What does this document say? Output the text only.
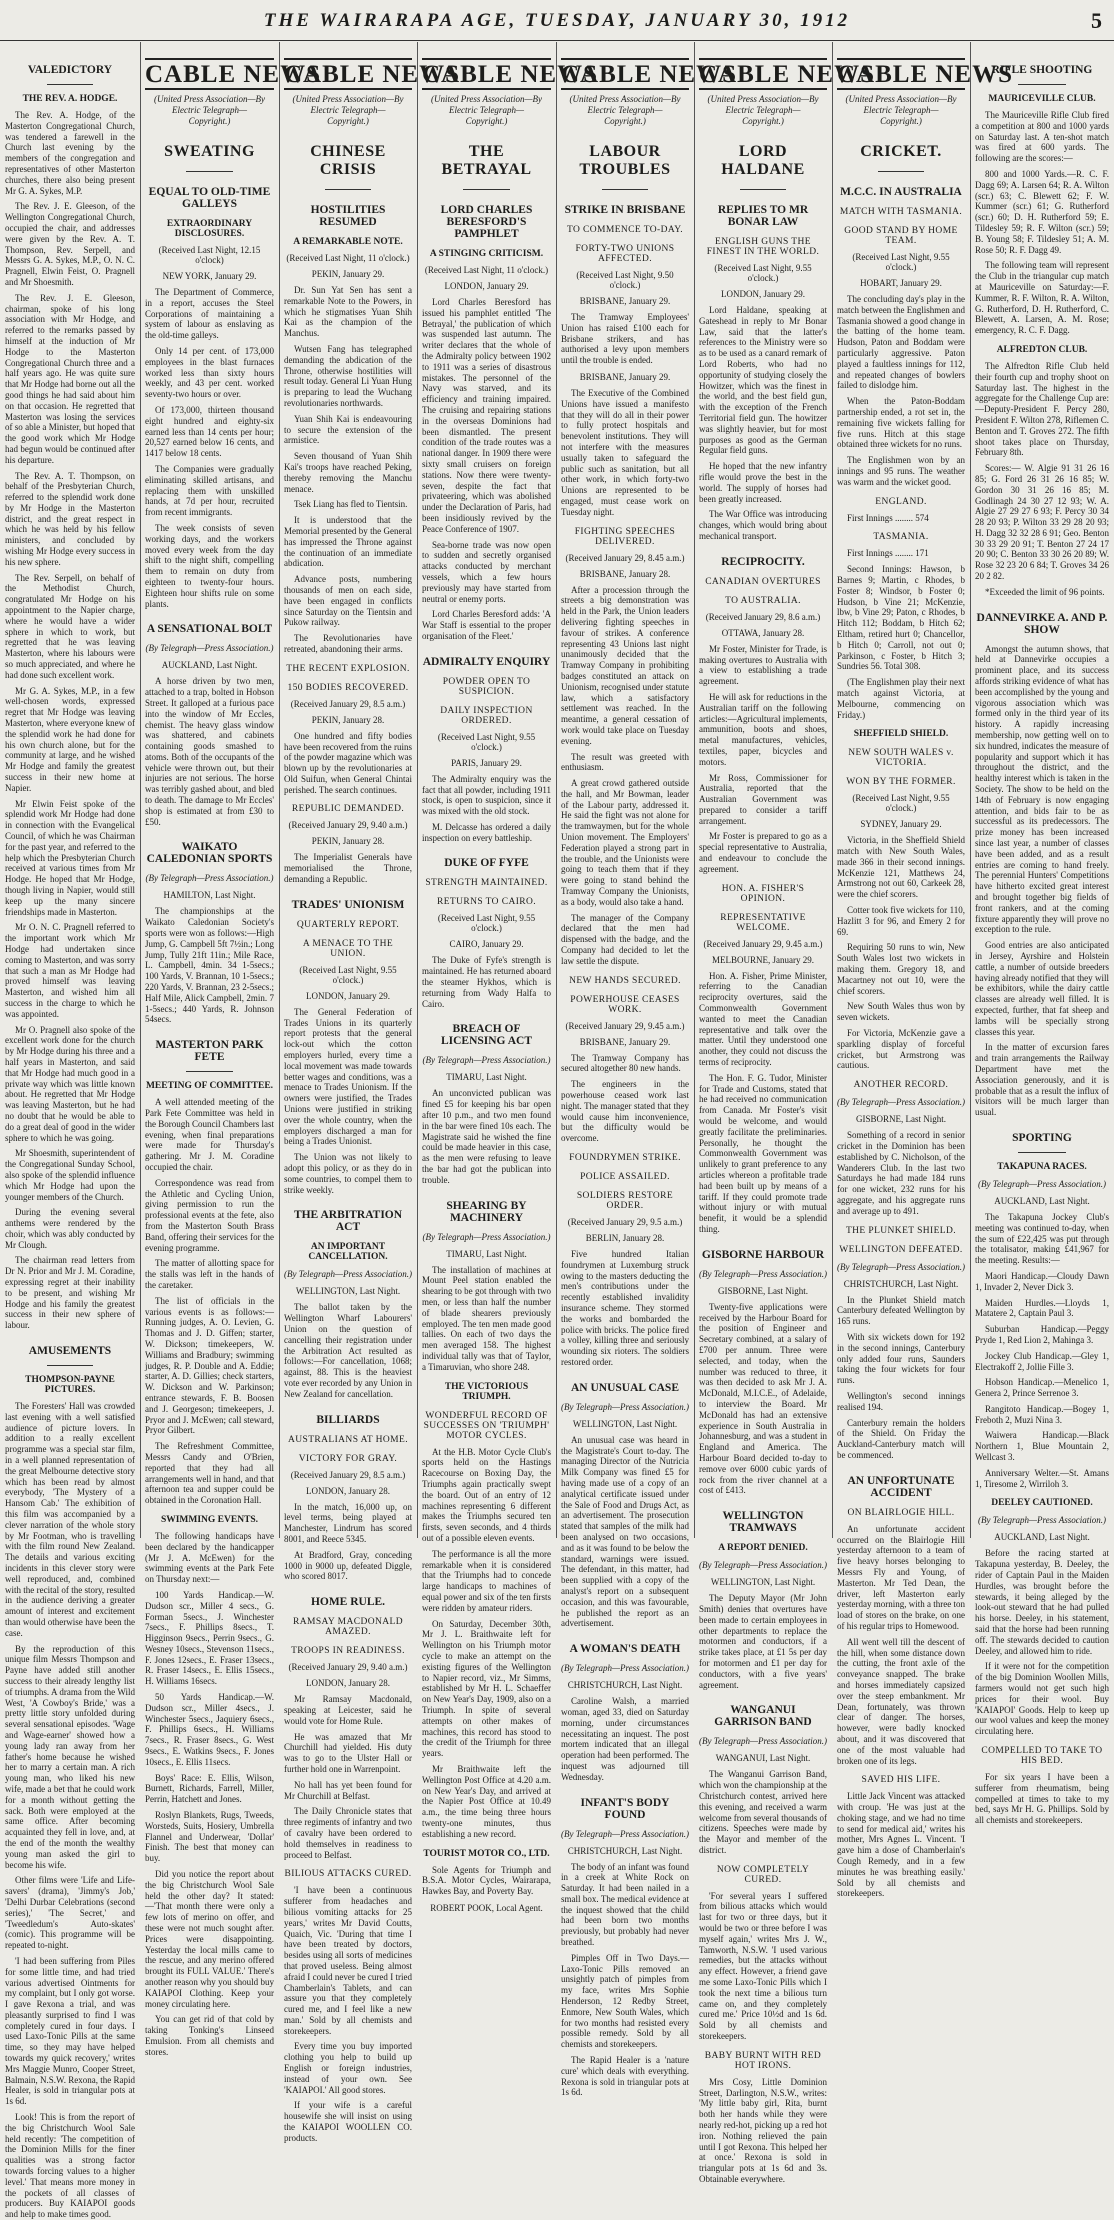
THE WAIRARAPA AGE, TUESDAY, JANUARY 30, 1912	5
VALEDICTORY
THE REV. A. HODGE.

The Rev. A. Hodge, of the Masterton Congregational Church, was tendered a farewell in the Church last evening by the members of the congregation and representatives of other Masterton churches, there also being present Mr G. A. Sykes, M.P.

The Rev. J. E. Gleeson, of the Wellington Congregational Church, occupied the chair, and addresses were given by the Rev. A. T. Thompson, Rev. Serpell, and Messrs G. A. Sykes, M.P., O. N. C. Pragnell, Elwin Feist, O. Pragnell and Mr Shoesmith.

The Rev. J. E. Gleeson, chairman, spoke of his long association with Mr Hodge, and referred to the remarks passed by himself at the induction of Mr Hodge to the Masterton Congregational Church three and a half years ago. He was quite sure that Mr Hodge had borne out all the good things he had said about him on that occasion. He regretted that Masterton was losing the services of so able a Minister, but hoped that the good work which Mr Hodge had begun would be continued after his departure.

The Rev. A. T. Thompson, on behalf of the Presbyterian Church, referred to the splendid work done by Mr Hodge in the Masterton district, and the great respect in which he was held by his fellow ministers, and concluded by wishing Mr Hodge every success in his new sphere.

The Rev. Serpell, on behalf of the Methodist Church, congratulated Mr Hodge on his appointment to the Napier charge, where he would have a wider sphere in which to work, but regretted that he was leaving Masterton, where his labours were so much appreciated, and where he had done such excellent work.

Mr G. A. Sykes, M.P., in a few well-chosen words, expressed regret that Mr Hodge was leaving Masterton, where everyone knew of the splendid work he had done for his own church alone, but for the community at large, and he wished Mr Hodge and family the greatest success in their new home at Napier.

Mr Elwin Feist spoke of the splendid work Mr Hodge had done in connection with the Evangelical Council, of which he was Chairman for the past year, and referred to the help which the Presbyterian Church received at various times from Mr Hodge. He hoped that Mr Hodge, though living in Napier, would still keep up the many sincere friendships made in Masterton.

Mr O. N. C. Pragnell referred to the important work which Mr Hodge had undertaken since coming to Masterton, and was sorry that such a man as Mr Hodge had proved himself was leaving Masterton, and wished him all success in the charge to which he was appointed.

Mr O. Pragnell also spoke of the excellent work done for the church by Mr Hodge during his three and a half years in Masterton, and said that Mr Hodge had much good in a private way which was little known about. He regretted that Mr Hodge was leaving Masterton, but he had no doubt that he would be able to do a great deal of good in the wider sphere to which he was going.

Mr Shoesmith, superintendent of the Congregational Sunday School, also spoke of the splendid influence which Mr Hodge had upon the younger members of the Church.

During the evening several anthems were rendered by the choir, which was ably conducted by Mr Clough.

The chairman read letters from Dr N. Prior and Mr J. M. Coradine, expressing regret at their inability to be present, and wishing Mr Hodge and his family the greatest success in their new sphere of labour.

AMUSEMENTS
THOMPSON-PAYNE PICTURES.

The Foresters' Hall was crowded last evening with a well satisfied audience of picture lovers. In addition to a really excellent programme was a special star film, in a well planned representation of the great Melbourne detective story which has been read by almost everybody, 'The Mystery of a Hansom Cab.' The exhibition of this film was accompanied by a clever narration of the whole story by Mr Footman, who is travelling with the film round New Zealand. The details and various exciting incidents in this clever story were well reproduced, and, combined with the recital of the story, resulted in the audience deriving a greater amount of interest and excitement than would otherwise have been the case.

By the reproduction of this unique film Messrs Thompson and Payne have added still another success to their already lengthy list of triumphs. A drama from the Wild West, 'A Cowboy's Bride,' was a pretty little story unfolded during several sensational episodes. 'Wage and Wage-earner' showed how a young lady ran away from her father's home because he wished her to marry a certain man. A rich young man, who liked his new wife, made a bet that he could work for a month without getting the sack. Both were employed at the same office. After becoming acquainted they fell in love, and, at the end of the month the wealthy young man asked the girl to become his wife.

Other films were 'Life and Life-savers' (drama), 'Jimmy's Job,' 'Delhi Durbar Celebrations (second series),' 'The Secret,' and 'Tweedledum's Auto-skates' (comic). This programme will be repeated to-night.

'I had been suffering from Piles for some little time, and had tried various advertised Ointments for my complaint, but I only got worse. I gave Rexona a trial, and was pleasantly surprised to find I was completely cured in four days. I used Laxo-Tonic Pills at the same time, so they may have helped towards my quick recovery,' writes Mrs Maggie Munro, Cooper Street, Balmain, N.S.W. Rexona, the Rapid Healer, is sold in triangular pots at 1s 6d.

Look! This is from the report of the big Christchurch Wool Sale held recently: 'The competition of the Dominion Mills for the finer qualities was a strong factor towards forcing values to a higher level.' That means more money in the pockets of all classes of producers. Buy KAIAPOI goods and help to make times good.

CABLE NEWS
(United Press Association—By Electric Telegraph—Copyright.)
SWEATING
EQUAL TO OLD-TIME GALLEYS
EXTRAORDINARY DISCLOSURES.
(Received Last Night, 12.15 o'clock)
NEW YORK, January 29.

The Department of Commerce, in a report, accuses the Steel Corporations of maintaining a system of labour as enslaving as the old-time galleys.

Only 14 per cent. of 173,000 employees in the blast furnaces worked less than sixty hours weekly, and 43 per cent. worked seventy-two hours or over.

Of 173,000, thirteen thousand eight hundred and eighty-six earned less than 14 cents per hour; 20,527 earned below 16 cents, and 1417 below 18 cents.

The Companies were gradually eliminating skilled artisans, and replacing them with unskilled hands, at 7d per hour, recruited from recent immigrants.

The week consists of seven working days, and the workers moved every week from the day shift to the night shift, compelling them to remain on duty from eighteen to twenty-four hours. Eighteen hour shifts rule on some plants.

A SENSATIONAL BOLT
(By Telegraph—Press Association.)
AUCKLAND, Last Night.

A horse driven by two men, attached to a trap, bolted in Hobson Street. It galloped at a furious pace into the window of Mr Eccles, chemist. The heavy glass window was shattered, and cabinets containing goods smashed to atoms. Both of the occupants of the vehicle were thrown out, but their injuries are not serious. The horse was terribly gashed about, and bled to death. The damage to Mr Eccles' shop is estimated at from £30 to £50.

WAIKATO CALEDONIAN SPORTS
(By Telegraph—Press Association.)
HAMILTON, Last Night.

The championships at the Waikato Caledonian Society's sports were won as follows:—High Jump, G. Campbell 5ft 7½in.; Long Jump, Tully 21ft 11in.; Mile Race, L. Campbell, 4min. 34 1-5secs.; 100 Yards, V. Brannan, 10 1-5secs.; 220 Yards, V. Brannan, 23 2-5secs.; Half Mile, Alick Campbell, 2min. 7 1-5secs.; 440 Yards, R. Johnson 54secs.

MASTERTON PARK FETE
MEETING OF COMMITTEE.

A well attended meeting of the Park Fete Committee was held in the Borough Council Chambers last evening, when final preparations were made for Thursday's gathering. Mr J. M. Coradine occupied the chair.

Correspondence was read from the Athletic and Cycling Union, giving permission to run the professional events at the fete, also from the Masterton South Brass Band, offering their services for the evening programme.

The matter of allotting space for the stalls was left in the hands of the caretaker.

The list of officials in the various events is as follows:—Running judges, A. O. Levien, G. Thomas and J. D. Giffen; starter, W. Dickson; timekeepers, W. Williams and Bradbury; swimming judges, R. P. Double and A. Eddie; starter, A. D. Gillies; check starters, W. Dickson and W. Parkinson; entrance stewards, F. B. Boosen and J. Georgeson; timekeepers, J. Pryor and J. McEwen; call steward, Pryor Gilbert.

The Refreshment Committee, Messrs Candy and O'Brien, reported that they had all arrangements well in hand, and that afternoon tea and supper could be obtained in the Coronation Hall.

SWIMMING EVENTS.

The following handicaps have been declared by the handicapper (Mr J. A. McEwen) for the swimming events at the Park Fete on Thursday next:—

100 Yards Handicap.—W. Dudson scr., Miller 4 secs., G. Forman 5secs., J. Winchester 7secs., F. Phillips 8secs., T. Higginson 9secs., Perrin 9secs., G. Wesney 10secs., Stevenson 11secs., F. Jones 12secs., E. Fraser 13secs., R. Fraser 14secs., E. Ellis 15secs., H. Williams 16secs.

50 Yards Handicap.—W. Dudson scr., Miller 4secs., J. Winchester 5secs., Jaquiery 6secs., F. Phillips 6secs., H. Williams 7secs., R. Fraser 8secs., G. West 9secs., E. Watkins 9secs., F. Jones 10secs., E. Ellis 11secs.

Boys' Race: E. Ellis, Wilson, Burnett, Richards, Farrell, Miller, Perrin, Hatchett and Jones.

Roslyn Blankets, Rugs, Tweeds, Worsteds, Suits, Hosiery, Umbrella Flannel and Underwear, 'Dollar' Finish. The best that money can buy.

Did you notice the report about the big Christchurch Wool Sale held the other day? It stated:—'That month there were only a few lots of merino on offer, and these were not much sought after. Prices were disappointing. Yesterday the local mills came to the rescue, and any merino offered brought its FULL VALUE.' There's another reason why you should buy KAIAPOI Clothing. Keep your money circulating here.

You can get rid of that cold by taking Tonking's Linseed Emulsion. From all chemists and stores.

CABLE NEWS
(United Press Association—By Electric Telegraph—Copyright.)
CHINESE CRISIS
HOSTILITIES RESUMED
A REMARKABLE NOTE.
(Received Last Night, 11 o'clock.)
PEKIN, January 29.

Dr. Sun Yat Sen has sent a remarkable Note to the Powers, in which he stigmatises Yuan Shih Kai as the champion of the Manchus.

Wutsen Fang has telegraphed demanding the abdication of the Throne, otherwise hostilities will result today. General Li Yuan Hung is preparing to lead the Wuchang revolutionaries northwards.

Yuan Shih Kai is endeavouring to secure the extension of the armistice.

Seven thousand of Yuan Shih Kai's troops have reached Peking, thereby removing the Manchu menace.

Tsek Liang has fled to Tientsin.

It is understood that the Memorial presented by the General has impressed the Throne against the continuation of an immediate abdication.

Advance posts, numbering thousands of men on each side, have been engaged in conflicts since Saturday on the Tientsin and Pukow railway.

The Revolutionaries have retreated, abandoning their arms.

THE RECENT EXPLOSION.
150 BODIES RECOVERED.
(Received January 29, 8.5 a.m.)
PEKIN, January 28.

One hundred and fifty bodies have been recovered from the ruins of the powder magazine which was blown up by the revolutionaries at Old Suifun, when General Chintai perished. The search continues.

REPUBLIC DEMANDED.
(Received January 29, 9.40 a.m.)
PEKIN, January 28.

The Imperialist Generals have memorialised the Throne, demanding a Republic.

TRADES' UNIONISM
QUARTERLY REPORT.
A MENACE TO THE UNION.
(Received Last Night, 9.55 o'clock.)
LONDON, January 29.

The General Federation of Trades Unions in its quarterly report protests that the general lock-out which the cotton employers hurled, every time a local movement was made towards better wages and conditions, was a menace to Trades Unionism. If the owners were justified, the Trades Unions were justified in striking over the whole country, when the employers discharged a man for being a Trades Unionist.

The Union was not likely to adopt this policy, or as they do in some countries, to compel them to strike weekly.

THE ARBITRATION ACT
AN IMPORTANT CANCELLATION.
(By Telegraph—Press Association.)
WELLINGTON, Last Night.

The ballot taken by the Wellington Wharf Labourers' Union on the question of cancelling their registration under the Arbitration Act resulted as follows:—For cancellation, 1068; against, 88. This is the heaviest vote ever recorded by any Union in New Zealand for cancellation.

BILLIARDS
AUSTRALIANS AT HOME.
VICTORY FOR GRAY.
(Received January 29, 8.5 a.m.)
LONDON, January 28.

In the match, 16,000 up, on level terms, being played at Manchester, Lindrum has scored 8001, and Reece 5345.

At Bradford, Gray, conceding 1000 in 9000 up, defeated Diggle, who scored 8017.

HOME RULE.
RAMSAY MACDONALD AMAZED.
TROOPS IN READINESS.
(Received January 29, 9.40 a.m.)
LONDON, January 28.

Mr Ramsay Macdonald, speaking at Leicester, said he would vote for Home Rule.

He was amazed that Mr Churchill had yielded. His duty was to go to the Ulster Hall or further hold one in Warrenpoint.

No hall has yet been found for Mr Churchill at Belfast.

The Daily Chronicle states that three regiments of infantry and two of cavalry have been ordered to hold themselves in readiness to proceed to Belfast.

BILIOUS ATTACKS CURED.

'I have been a continuous sufferer from headaches and bilious vomiting attacks for 25 years,' writes Mr David Coutts, Quaich, Vic. 'During that time I have been treated by doctors, besides using all sorts of medicines that proved useless. Being almost afraid I could never be cured I tried Chamberlain's Tablets, and can assure you that they completely cured me, and I feel like a new man.' Sold by all chemists and storekeepers.

Every time you buy imported clothing you help to build up English or foreign industries, instead of your own. See 'KAIAPOI.' All good stores.

If your wife is a careful housewife she will insist on using the KAIAPOI WOOLLEN CO. products.

CABLE NEWS
(United Press Association—By Electric Telegraph—Copyright.)
THE BETRAYAL
LORD CHARLES BERESFORD'S PAMPHLET
A STINGING CRITICISM.
(Received Last Night, 11 o'clock.)
LONDON, January 29.

Lord Charles Beresford has issued his pamphlet entitled 'The Betrayal,' the publication of which was suspended last autumn. The writer declares that the whole of the Admiralty policy between 1902 to 1911 was a series of disastrous mistakes. The personnel of the Navy was starved, and its efficiency and training impaired. The cruising and repairing stations in the overseas Dominions had been dismantled. The present condition of the trade routes was a national danger. In 1909 there were sixty small cruisers on foreign stations. Now there were twenty-seven, despite the fact that privateering, which was abolished under the Declaration of Paris, had been insidiously revived by the Peace Conference of 1907.

Sea-borne trade was now open to sudden and secretly organised attacks conducted by merchant vessels, which a few hours previously may have started from neutral or enemy ports.

Lord Charles Beresford adds: 'A War Staff is essential to the proper organisation of the Fleet.'

ADMIRALTY ENQUIRY
POWDER OPEN TO SUSPICION.
DAILY INSPECTION ORDERED.
(Received Last Night, 9.55 o'clock.)
PARIS, January 29.

The Admiralty enquiry was the fact that all powder, including 1911 stock, is open to suspicion, since it was mixed with the old stock.

M. Delcasse has ordered a daily inspection on every battleship.

DUKE OF FYFE
STRENGTH MAINTAINED.
RETURNS TO CAIRO.
(Received Last Night, 9.55 o'clock.)
CAIRO, January 29.

The Duke of Fyfe's strength is maintained. He has returned aboard the steamer Hykhos, which is returning from Wady Halfa to Cairo.

BREACH OF LICENSING ACT
(By Telegraph—Press Association.)
TIMARU, Last Night.

An unconvicted publican was fined £5 for keeping his bar open after 10 p.m., and two men found in the bar were fined 10s each. The Magistrate said he wished the fine could be made heavier in this case, as the men were refusing to leave the bar had got the publican into trouble.

SHEARING BY MACHINERY
(By Telegraph—Press Association.)
TIMARU, Last Night.

The installation of machines at Mount Peel station enabled the shearing to be got through with two men, or less than half the number of blade shearers previously employed. The ten men made good tallies. On each of two days the men averaged 158. The highest individual tally was that of Taylor, a Timaruvian, who shore 248.

THE VICTORIOUS TRIUMPH.
WONDERFUL RECORD OF SUCCESSES ON 'TRIUMPH' MOTOR CYCLES.

At the H.B. Motor Cycle Club's sports held on the Hastings Racecourse on Boxing Day, the Triumphs again practically swept the board. Out of an entry of 12 machines representing 6 different makes the Triumphs secured ten firsts, seven seconds, and 4 thirds out of a possible eleven events.

The performance is all the more remarkable when it is considered that the Triumphs had to concede large handicaps to machines of equal power and six of the ten firsts were ridden by amateur riders.

On Saturday, December 30th, Mr J. L. Braithwaite left for Wellington on his Triumph motor cycle to make an attempt on the existing figures of the Wellington to Napier record, viz., Mr Simms, established by Mr H. L. Schaeffer on New Year's Day, 1909, also on a Triumph. In spite of several attempts on other makes of machines, this record has stood to the credit of the Triumph for three years.

Mr Braithwaite left the Wellington Post Office at 4.20 a.m. on New Year's Day, and arrived at the Napier Post Office at 10.49 a.m., the time being three hours twenty-one minutes, thus establishing a new record.

TOURIST MOTOR CO., LTD.

Sole Agents for Triumph and B.S.A. Motor Cycles, Wairarapa, Hawkes Bay, and Poverty Bay.

ROBERT POOK, Local Agent.
CABLE NEWS
(United Press Association—By Electric Telegraph—Copyright.)
LABOUR TROUBLES
STRIKE IN BRISBANE
TO COMMENCE TO-DAY.
FORTY-TWO UNIONS AFFECTED.
(Received Last Night, 9.50 o'clock.)
BRISBANE, January 29.

The Tramway Employees' Union has raised £100 each for Brisbane strikers, and has authorised a levy upon members until the trouble is ended.

BRISBANE, January 29.

The Executive of the Combined Unions have issued a manifesto that they will do all in their power to fully protect hospitals and benevolent institutions. They will not interfere with the measures usually taken to safeguard the public such as sanitation, but all other work, in which forty-two Unions are represented to be engaged, must cease work on Tuesday night.

FIGHTING SPEECHES DELIVERED.
(Received January 29, 8.45 a.m.)
BRISBANE, January 28.

After a procession through the streets a big demonstration was held in the Park, the Union leaders delivering fighting speeches in favour of strikes. A conference representing 43 Unions last night unanimously decided that the Tramway Company in prohibiting badges constituted an attack on Unionism, recognised under statute law, which a satisfactory settlement was reached. In the meantime, a general cessation of work would take place on Tuesday evening.

The result was greeted with enthusiasm.

A great crowd gathered outside the hall, and Mr Bowman, leader of the Labour party, addressed it. He said the fight was not alone for the tramwaymen, but for the whole Union movement. The Employers' Federation played a strong part in the trouble, and the Unionists were going to teach them that if they were going to stand behind the Tramway Company the Unionists, as a body, would also take a hand.

The manager of the Company declared that the men had dispensed with the badge, and the Company had decided to let the law settle the dispute.

NEW HANDS SECURED.
POWERHOUSE CEASES WORK.
(Received January 29, 9.45 a.m.)
BRISBANE, January 29.

The Tramway Company has secured altogether 80 new hands.

The engineers in the powerhouse ceased work last night. The manager stated that they would cause him inconvenience, but the difficulty would be overcome.

FOUNDRYMEN STRIKE.
POLICE ASSAILED.
SOLDIERS RESTORE ORDER.
(Received January 29, 9.5 a.m.)
BERLIN, January 28.

Five hundred Italian foundrymen at Luxemburg struck owing to the masters deducting the men's contributions under the recently established invalidity insurance scheme. They stormed the works and bombarded the police with bricks. The police fired a volley, killing three and seriously wounding six rioters. The soldiers restored order.

AN UNUSUAL CASE
(By Telegraph—Press Association.)
WELLINGTON, Last Night.

An unusual case was heard in the Magistrate's Court to-day. The managing Director of the Nutricia Milk Company was fined £5 for having made use of a copy of an analytical certificate issued under the Sale of Food and Drugs Act, as an advertisement. The prosecution stated that samples of the milk had been analysed on two occasions, and as it was found to be below the standard, warnings were issued. The defendant, in this matter, had been supplied with a copy of the analyst's report on a subsequent occasion, and this was favourable, he published the report as an advertisement.

A WOMAN'S DEATH
(By Telegraph—Press Association.)
CHRISTCHURCH, Last Night.

Caroline Walsh, a married woman, aged 33, died on Saturday morning, under circumstances necessitating an inquest. The post mortem indicated that an illegal operation had been performed. The inquest was adjourned till Wednesday.

INFANT'S BODY FOUND
(By Telegraph—Press Association.)
CHRISTCHURCH, Last Night.

The body of an infant was found in a creek at White Rock on Saturday. It had been nailed in a small box. The medical evidence at the inquest showed that the child had been born two months previously, but probably had never breathed.

Pimples Off in Two Days.—Laxo-Tonic Pills removed an unsightly patch of pimples from my face, writes Mrs Sophie Henderson, 12 Redby Street, Enmore, New South Wales, which for two months had resisted every possible remedy. Sold by all chemists and storekeepers.

The Rapid Healer is a 'nature cure' which deals with everything. Rexona is sold in triangular pots at 1s 6d.

CABLE NEWS
(United Press Association—By Electric Telegraph—Copyright.)
LORD HALDANE
REPLIES TO MR BONAR LAW
ENGLISH GUNS THE FINEST IN THE WORLD.
(Received Last Night, 9.55 o'clock.)
LONDON, January 29.

Lord Haldane, speaking at Gateshead in reply to Mr Bonar Law, said that the latter's references to the Ministry were so as to be used as a canard remark of Lord Roberts, who had no opportunity of studying closely the Howitzer, which was the finest in the world, and the best field gun, with the exception of the French Territorial field gun. The howitzer was slightly heavier, but for most purposes as good as the German Regular field guns.

He hoped that the new infantry rifle would prove the best in the world. The supply of horses had been greatly increased.

The War Office was introducing changes, which would bring about mechanical transport.

RECIPROCITY.
CANADIAN OVERTURES
TO AUSTRALIA.
(Received January 29, 8.6 a.m.)
OTTAWA, January 28.

Mr Foster, Minister for Trade, is making overtures to Australia with a view to establishing a trade agreement.

He will ask for reductions in the Australian tariff on the following articles:—Agricultural implements, ammunition, boots and shoes, metal manufactures, vehicles, textiles, paper, bicycles and motors.

Mr Ross, Commissioner for Australia, reported that the Australian Government was prepared to consider a tariff arrangement.

Mr Foster is prepared to go as a special representative to Australia, and endeavour to conclude the agreement.

HON. A. FISHER'S OPINION.
REPRESENTATIVE WELCOME.
(Received January 29, 9.45 a.m.)
MELBOURNE, January 29.

Hon. A. Fisher, Prime Minister, referring to the Canadian reciprocity overtures, said the Commonwealth Government wanted to meet the Canadian representative and talk over the matter. Until they understood one another, they could not discuss the terms of reciprocity.

The Hon. F. G. Tudor, Minister for Trade and Customs, stated that he had received no communication from Canada. Mr Foster's visit would be welcome, and would greatly facilitate the preliminaries. Personally, he thought the Commonwealth Government was unlikely to grant preference to any articles whereon a profitable trade had been built up by means of a tariff. If they could promote trade without injury or with mutual benefit, it would be a splendid thing.

GISBORNE HARBOUR
(By Telegraph—Press Association.)
GISBORNE, Last Night.

Twenty-five applications were received by the Harbour Board for the position of Engineer and Secretary combined, at a salary of £700 per annum. Three were selected, and today, when the number was reduced to three, it was then decided to ask Mr J. A. McDonald, M.I.C.E., of Adelaide, to interview the Board. Mr McDonald has had an extensive experience in South Australia in Johannesburg, and was a student in England and America. The Harbour Board decided to-day to remove over 6000 cubic yards of rock from the river channel at a cost of £413.

WELLINGTON TRAMWAYS
A REPORT DENIED.
(By Telegraph—Press Association.)
WELLINGTON, Last Night.

The Deputy Mayor (Mr John Smith) denies that overtures have been made to certain employees in other departments to replace the motormen and conductors, if a strike takes place, at £1 5s per day for motormen and £1 per day for conductors, with a five years' agreement.

WANGANUI GARRISON BAND
(By Telegraph—Press Association.)
WANGANUI, Last Night.

The Wanganui Garrison Band, which won the championship at the Christchurch contest, arrived here this evening, and received a warm welcome from several thousands of citizens. Speeches were made by the Mayor and member of the district.

NOW COMPLETELY CURED.

'For several years I suffered from bilious attacks which would last for two or three days, but it would be two or three before I was myself again,' writes Mrs J. W., Tamworth, N.S.W. 'I used various remedies, but the attacks without any effect. However, a friend gave me some Laxo-Tonic Pills which I took the next time a bilious turn came on, and they completely cured me.' Price 10½d and 1s 6d. Sold by all chemists and storekeepers.

BABY BURNT WITH RED HOT IRONS.

Mrs Cosy, Little Dominion Street, Darlington, N.S.W., writes: 'My little baby girl, Rita, burnt both her hands while they were nearly red-hot, picking up a red hot iron. Nothing relieved the pain until I got Rexona. This helped her at once.' Rexona is sold in triangular pots at 1s 6d and 3s. Obtainable everywhere.

CABLE NEWS
(United Press Association—By Electric Telegraph—Copyright.)
CRICKET.
M.C.C. IN AUSTRALIA
MATCH WITH TASMANIA.
GOOD STAND BY HOME TEAM.
(Received Last Night, 9.55 o'clock.)
HOBART, January 29.

The concluding day's play in the match between the Englishmen and Tasmania showed a good change in the batting of the home team. Hudson, Paton and Boddam were particularly aggressive. Paton played a faultless innings for 112, and repeated changes of bowlers failed to dislodge him.

When the Paton-Boddam partnership ended, a rot set in, the remaining five wickets falling for five runs. Hitch at this stage obtained three wickets for no runs.

The Englishmen won by an innings and 95 runs. The weather was warm and the wicket good.

ENGLAND.

First Innings ........ 574

TASMANIA.

First Innings ........ 171

Second Innings: Hawson, b Barnes 9; Martin, c Rhodes, b Foster 8; Windsor, b Foster 0; Hudson, b Vine 21; McKenzie, lbw, b Vine 29; Paton, c Rhodes, b Hitch 112; Boddam, b Hitch 62; Eltham, retired hurt 0; Chancellor, b Hitch 0; Carroll, not out 0; Parkinson, c Foster, b Hitch 3; Sundries 56. Total 308.

(The Englishmen play their next match against Victoria, at Melbourne, commencing on Friday.)

SHEFFIELD SHIELD.
NEW SOUTH WALES v. VICTORIA.
WON BY THE FORMER.
(Received Last Night, 9.55 o'clock.)
SYDNEY, January 29.

Victoria, in the Sheffield Shield match with New South Wales, made 366 in their second innings. McKenzie 121, Matthews 24, Armstrong not out 60, Carkeek 28, were the chief scorers.

Cotter took five wickets for 110, Hazlitt 3 for 96, and Emery 2 for 69.

Requiring 50 runs to win, New South Wales lost two wickets in making them. Gregory 18, and Macartney not out 10, were the chief scorers.

New South Wales thus won by seven wickets.

For Victoria, McKenzie gave a sparkling display of forceful cricket, but Armstrong was cautious.

ANOTHER RECORD.
(By Telegraph—Press Association.)
GISBORNE, Last Night.

Something of a record in senior cricket in the Dominion has been established by C. Nicholson, of the Wanderers Club. In the last two Saturdays he had made 184 runs for one wicket, 232 runs for his aggregate, and his aggregate runs and average up to 491.

THE PLUNKET SHIELD.
WELLINGTON DEFEATED.
(By Telegraph—Press Association.)
CHRISTCHURCH, Last Night.

In the Plunket Shield match Canterbury defeated Wellington by 165 runs.

With six wickets down for 192 in the second innings, Canterbury only added four runs, Saunders taking the four wickets for four runs.

Wellington's second innings realised 194.

Canterbury remain the holders of the Shield. On Friday the Auckland-Canterbury match will be commenced.

AN UNFORTUNATE ACCIDENT
ON BLAIRLOGIE HILL.

An unfortunate accident occurred on the Blairlogie Hill yesterday afternoon to a team of five heavy horses belonging to Messrs Fly and Young, of Masterton. Mr Ted Dean, the driver, left Masterton early yesterday morning, with a three ton load of stores on the brake, on one of his regular trips to Homewood.

All went well till the descent of the hill, when some distance down the cutting, the front axle of the conveyance snapped. The brake and horses immediately capsized over the steep embankment. Mr Dean, fortunately, was thrown clear of danger. The horses, however, were badly knocked about, and it was discovered that one of the most valuable had broken one of its legs.

SAVED HIS LIFE.

Little Jack Vincent was attacked with croup. 'He was just at the choking stage, and we had no time to send for medical aid,' writes his mother, Mrs Agnes L. Vincent. 'I gave him a dose of Chamberlain's Cough Remedy, and in a few minutes he was breathing easily.' Sold by all chemists and storekeepers.

RIFLE SHOOTING
MAURICEVILLE CLUB.

The Mauriceville Rifle Club fired a competition at 800 and 1000 yards on Saturday last. A ten-shot match was fired at 600 yards. The following are the scores:—

800 and 1000 Yards.—R. C. F. Dagg 69; A. Larsen 64; R. A. Wilton (scr.) 63; C. Blewett 62; F. W. Kummer (scr.) 61; G. Rutherford (scr.) 60; D. H. Rutherford 59; E. Tildesley 59; R. F. Wilton (scr.) 59; B. Young 58; F. Tildesley 51; A. M. Rose 50; R. F. Dagg 49.

The following team will represent the Club in the triangular cup match at Mauriceville on Saturday:—F. Kummer, R. F. Wilton, R. A. Wilton, G. Rutherford, D. H. Rutherford, C. Blewett, A. Larsen, A. M. Rose; emergency, R. C. F. Dagg.

ALFREDTON CLUB.

The Alfredton Rifle Club held their fourth cup and trophy shoot on Saturday last. The highest in the aggregate for the Challenge Cup are:—Deputy-President F. Percy 280, President F. Wilton 278, Riflemen C. Benton and T. Groves 272. The fifth shoot takes place on Thursday, February 8th.

Scores:— W. Algie 91 31 26 16 85; G. Ford 26 31 26 16 85; W. Gordon 30 31 26 16 85; M. Godlinagh 24 30 27 12 93; W. A. Algie 27 29 27 6 93; F. Percy 30 34 28 20 93; P. Wilton 33 29 28 20 93; H. Dagg 32 32 28 6 91; Geo. Benton 30 33 29 20 91; T. Benton 27 24 17 20 90; C. Benton 33 30 26 20 89; W. Rose 32 23 20 6 84; T. Groves 34 26 20 2 82.

*Exceeded the limit of 96 points.

DANNEVIRKE A. AND P. SHOW

Amongst the autumn shows, that held at Dannevirke occupies a prominent place, and its success affords striking evidence of what has been accomplished by the young and vigorous association which was formed only in the third year of its history. A rapidly increasing membership, now getting well on to six hundred, indicates the measure of popularity and support which it has throughout the district, and the healthy interest which is taken in the Society. The show to be held on the 14th of February is now engaging attention, and bids fair to be as successful as its predecessors. The prize money has been increased since last year, a number of classes have been added, and as a result entries are coming to hand freely. The perennial Hunters' Competitions have hitherto excited great interest and brought together big fields of front rankers, and at the coming fixture apparently they will prove no exception to the rule.

Good entries are also anticipated in Jersey, Ayrshire and Holstein cattle, a number of outside breeders having already notified that they will be exhibitors, while the dairy cattle classes are already well filled. It is expected, further, that fat sheep and lambs will be specially strong classes this year.

In the matter of excursion fares and train arrangements the Railway Department have met the Association generously, and it is probable that as a result the influx of visitors will be much larger than usual.

SPORTING
TAKAPUNA RACES.
(By Telegraph—Press Association.)
AUCKLAND, Last Night.

The Takapuna Jockey Club's meeting was continued to-day, when the sum of £22,425 was put through the totalisator, making £41,967 for the meeting. Results:—

Maori Handicap.—Cloudy Dawn 1, Invader 2, Never Dick 3.

Maiden Hurdles.—Lloyds 1, Matatere 2, Captain Paul 3.

Suburban Handicap.—Peggy Pryde 1, Red Lion 2, Mahinga 3.

Jockey Club Handicap.—Gley 1, Electrakoff 2, Jollie Fille 3.

Hobson Handicap.—Menelico 1, Genera 2, Prince Serrenoe 3.

Rangitoto Handicap.—Bogey 1, Freboth 2, Muzi Nina 3.

Waiwera Handicap.—Black Northern 1, Blue Mountain 2, Wellcast 3.

Anniversary Welter.—St. Amans 1, Tiresome 2, Wirriloh 3.

DEELEY CAUTIONED.
(By Telegraph—Press Association.)
AUCKLAND, Last Night.

Before the racing started at Takapuna yesterday, B. Deeley, the rider of Captain Paul in the Maiden Hurdles, was brought before the stewards, it being alleged by the look-out steward that he had pulled his horse. Deeley, in his statement, said that the horse had been running off. The stewards decided to caution Deeley, and allowed him to ride.

If it were not for the competition of the big Dominion Woollen Mills, farmers would not get such high prices for their wool. Buy 'KAIAPOI' Goods. Help to keep up our wool values and keep the money circulating here.

COMPELLED TO TAKE TO HIS BED.

For six years I have been a sufferer from rheumatism, being compelled at times to take to my bed, says Mr H. G. Phillips. Sold by all chemists and storekeepers.
